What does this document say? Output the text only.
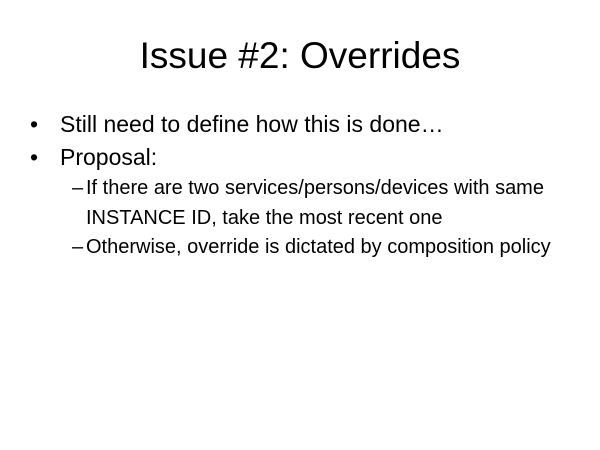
Issue #2: Overrides
• Still need to define how this is done…
• Proposal:
– If there are two services/persons/devices with same INSTANCE ID, take the most recent one
– Otherwise, override is dictated by composition policy
